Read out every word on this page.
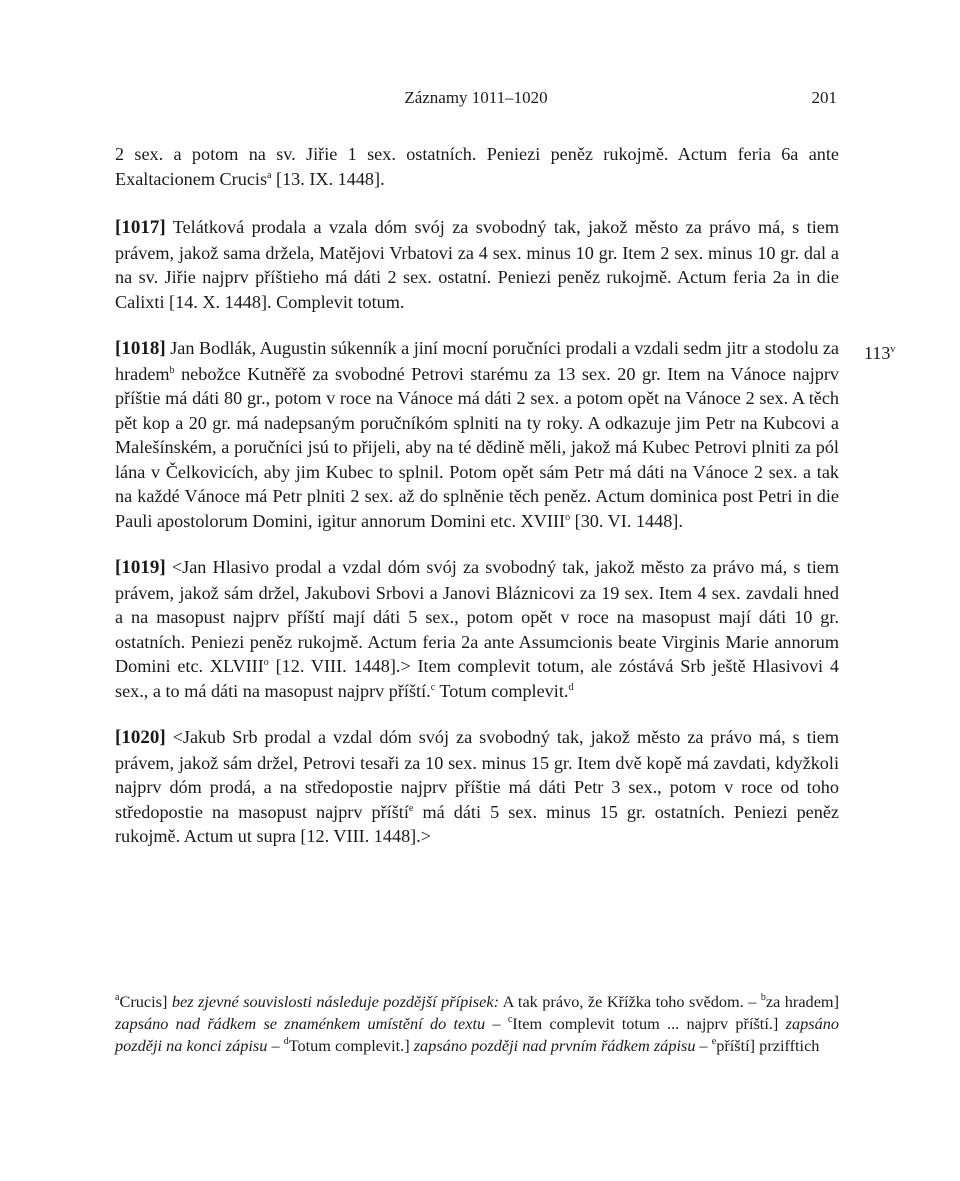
Záznamy 1011–1020	201
113$^v$

2 sex. a potom na sv. Jiřie 1 sex. ostatních. Peniezi peněz rukojmě. Actum feria 6a ante Exaltacionem Crucis$^a$ [13. IX. 1448].

[1017] Telátková prodala a vzala dóm svój za svobodný tak, jakož město za právo má, s tiem právem, jakož sama držela, Matějovi Vrbatovi za 4 sex. minus 10 gr. Item 2 sex. minus 10 gr. dal a na sv. Jiřie najprv příštieho má dáti 2 sex. ostatní. Peniezi peněz rukojmě. Actum feria 2a in die Calixti [14. X. 1448]. Complevit totum.

[1018] Jan Bodlák, Augustin súkenník a jiní mocní poručníci prodali a vzdali sedm jitr a stodolu za hradem$^b$ nebožce Kutněřě za svobodné Petrovi starému za 13 sex. 20 gr. Item na Vánoce najprv příštie má dáti 80 gr., potom v roce na Vánoce má dáti 2 sex. a potom opět na Vánoce 2 sex. A těch pět kop a 20 gr. má nadepsaným poručníkóm splniti na ty roky. A odkazuje jim Petr na Kubcovi a Malešínském, a poručníci jsú to přijeli, aby na té dědině měli, jakož má Kubec Petrovi plniti za pól lána v Čelkovicích, aby jim Kubec to splnil. Potom opět sám Petr má dáti na Vánoce 2 sex. a tak na každé Vánoce má Petr plniti 2 sex. až do splněnie těch peněz. Actum dominica post Petri in die Pauli apostolorum Domini, igitur annorum Domini etc. XVIII$^o$ [30. VI. 1448].

[1019] <Jan Hlasivo prodal a vzdal dóm svój za svobodný tak, jakož město za právo má, s tiem právem, jakož sám držel, Jakubovi Srbovi a Janovi Bláznicovi za 19 sex. Item 4 sex. zavdali hned a na masopust najprv příští mají dáti 5 sex., potom opět v roce na masopust mají dáti 10 gr. ostatních. Peniezi peněz rukojmě. Actum feria 2a ante Assumcionis beate Virginis Marie annorum Domini etc. XLVIII$^o$ [12. VIII. 1448].> Item complevit totum, ale zóstává Srb ještě Hlasivovi 4 sex., a to má dáti na masopust najprv příští.$^c$ Totum complevit.$^d$

[1020] <Jakub Srb prodal a vzdal dóm svój za svobodný tak, jakož město za právo má, s tiem právem, jakož sám držel, Petrovi tesaři za 10 sex. minus 15 gr. Item dvě kopě má zavdati, kdyžkoli najprv dóm prodá, a na středopostie najprv příštie má dáti Petr 3 sex., potom v roce od toho středopostie na masopust najprv příští$^e$ má dáti 5 sex. minus 15 gr. ostatních. Peniezi peněz rukojmě. Actum ut supra [12. VIII. 1448].>

$^a$Crucis] bez zjevné souvislosti následuje pozdější přípisek: A tak právo, že Křížka toho svědom. – $^b$za hradem] zapsáno nad řádkem se znaménkem umístění do textu – $^c$Item complevit totum ... najprv příští.] zapsáno později na konci zápisu – $^d$Totum complevit.] zapsáno později nad prvním řádkem zápisu – $^e$příští] przifftich
